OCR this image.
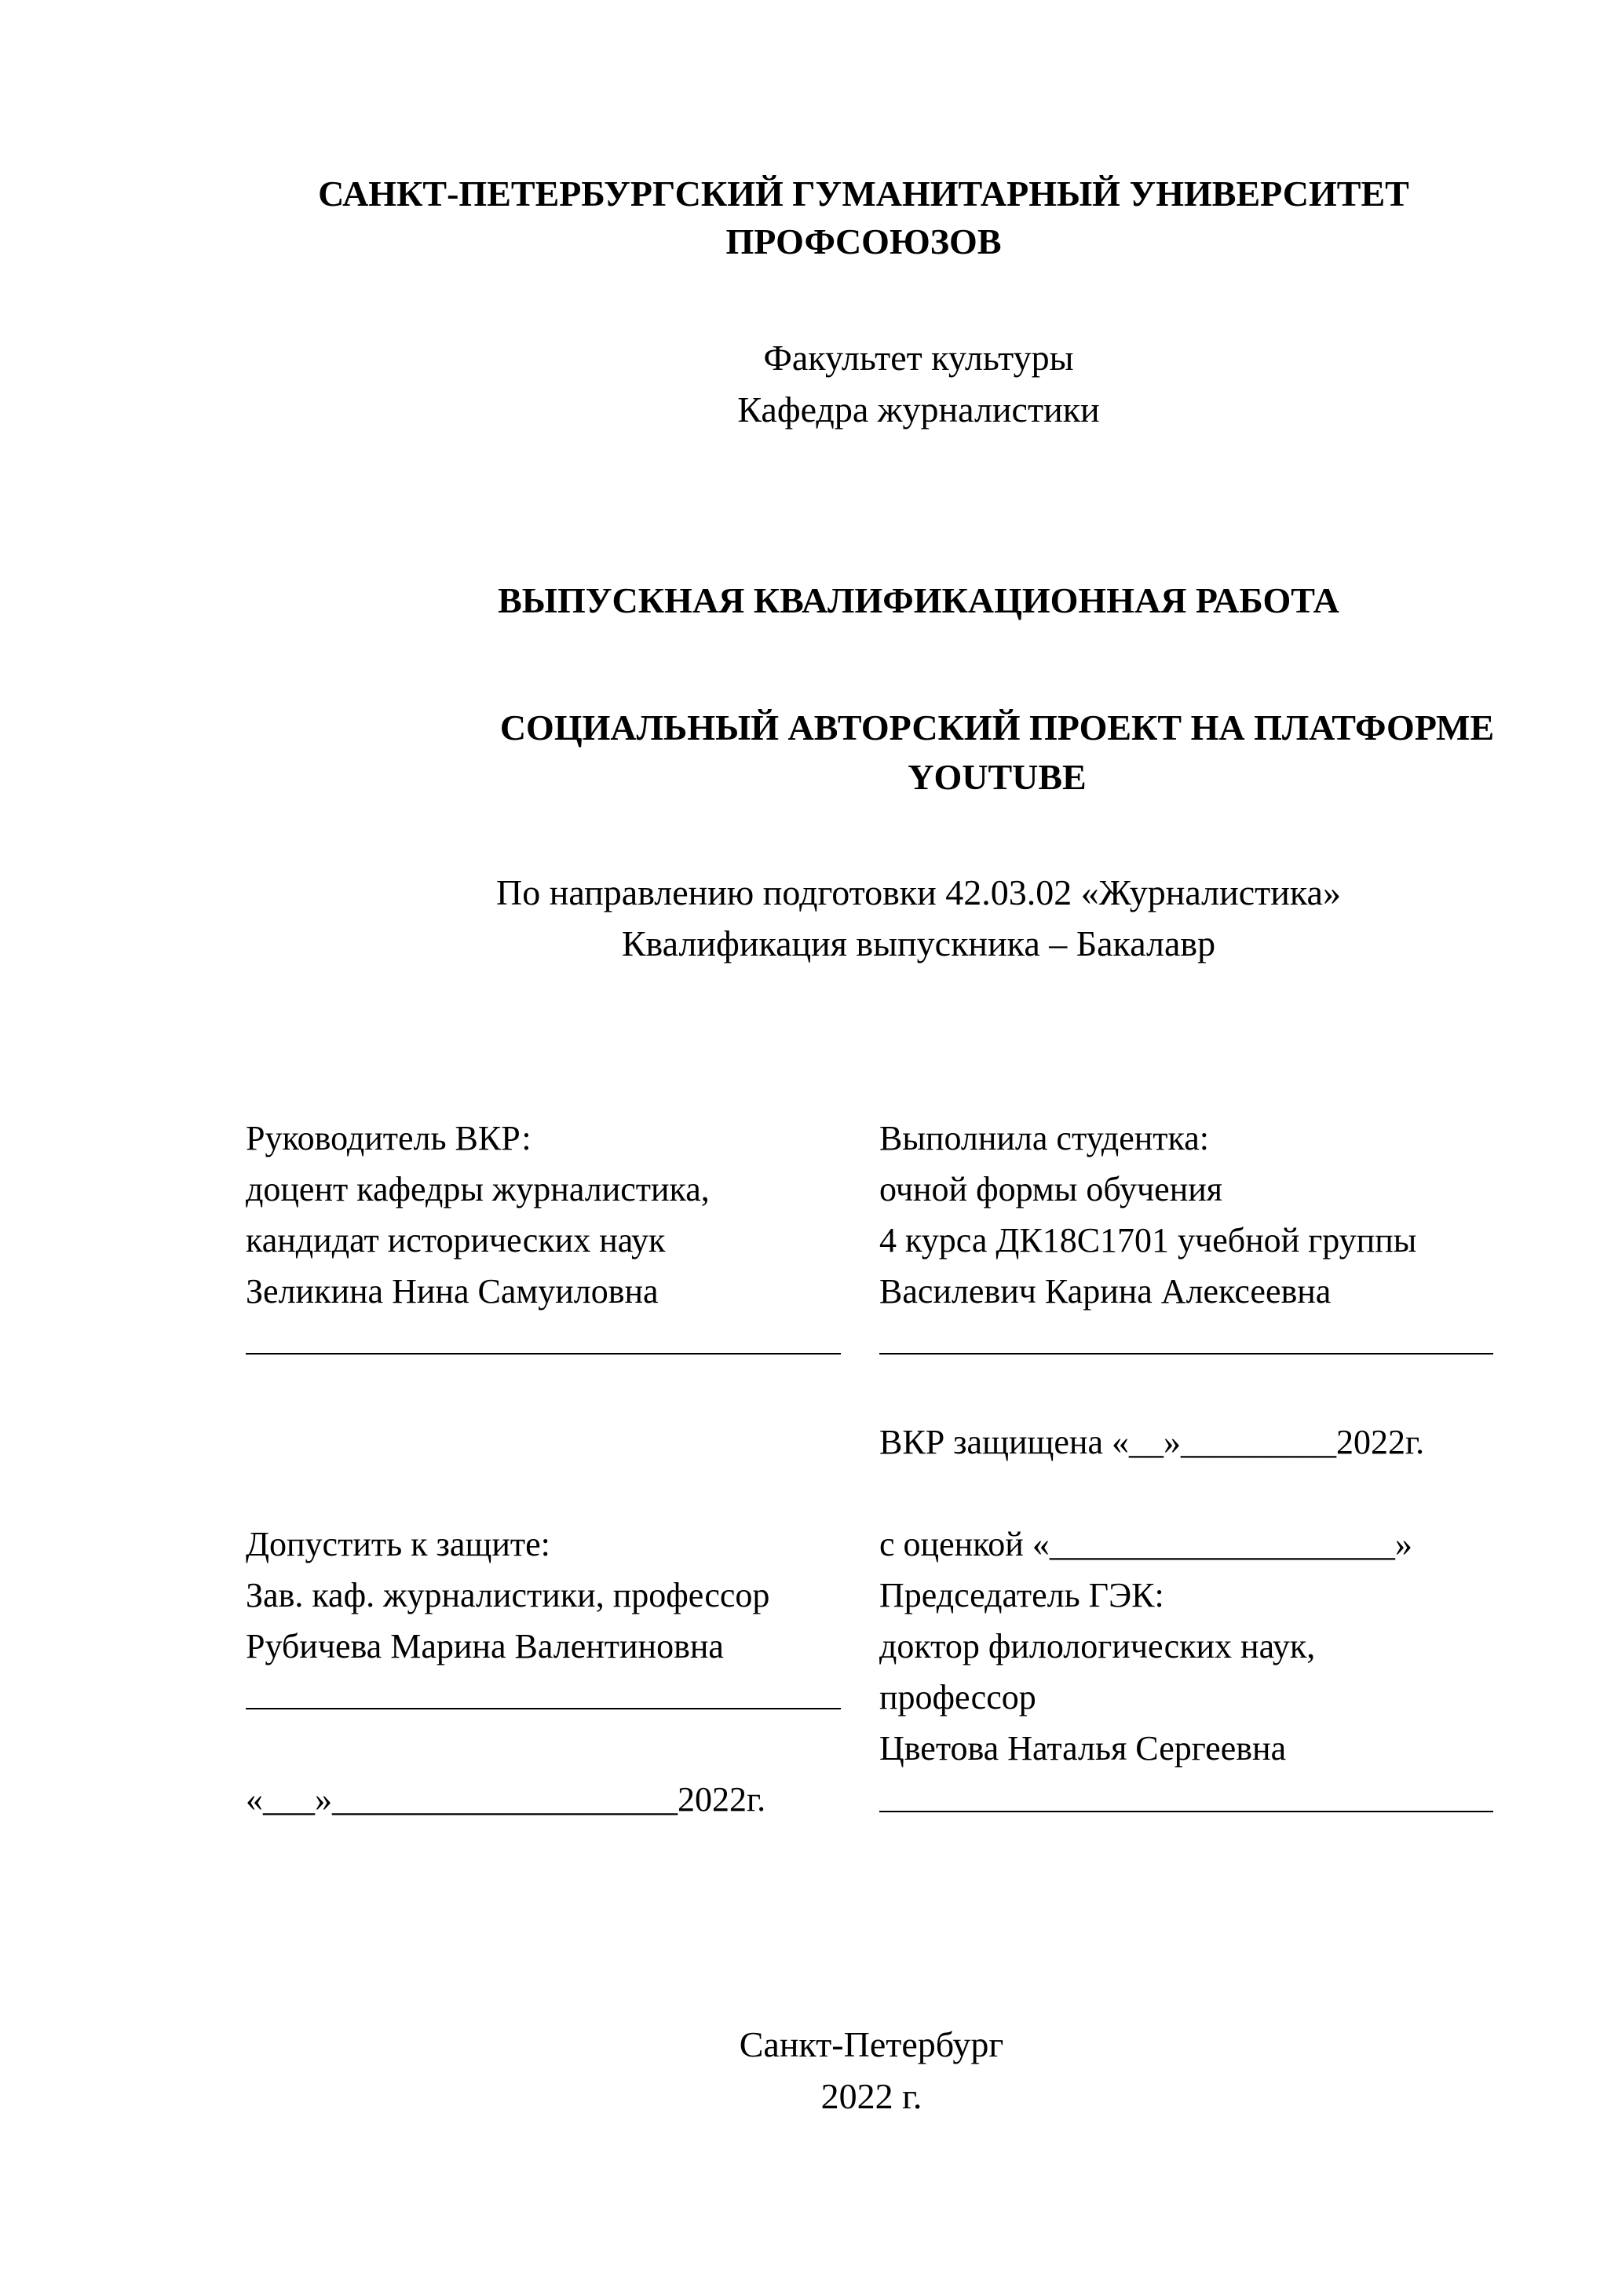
САНКТ-ПЕТЕРБУРГСКИЙ ГУМАНИТАРНЫЙ УНИВЕРСИТЕТ
ПРОФСОЮЗОВ
Факультет культуры
Кафедра журналистики
ВЫПУСКНАЯ КВАЛИФИКАЦИОННАЯ РАБОТА
СОЦИАЛЬНЫЙ АВТОРСКИЙ ПРОЕКТ НА ПЛАТФОРМЕ
YOUTUBE
По направлению подготовки 42.03.02 «Журналистика»
Квалификация выпускника – Бакалавр
Руководитель ВКР:
доцент кафедры журналистика,
кандидат исторических наук
Зеликина Нина Самуиловна
Допустить к защите:
Зав. каф. журналистики, профессор
Рубичева Марина Валентиновна
«___»____________________2022г.
Выполнила студентка:
очной формы обучения
4 курса ДК18С1701 учебной группы
Василевич Карина Алексеевна
ВКР защищена «__»_________2022г.
с оценкой «____________________»
Председатель ГЭК:
доктор филологических наук,
профессор
Цветова Наталья Сергеевна
Санкт-Петербург
2022 г.
